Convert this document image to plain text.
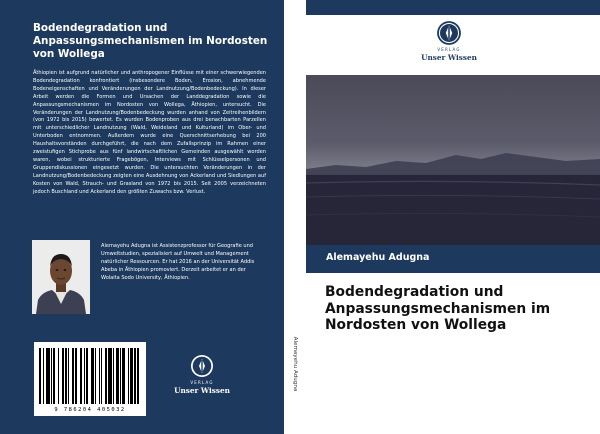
Bodendegradation und Anpassungsmechanismen im Nordosten von Wollega

Äthiopien ist aufgrund natürlicher und anthropogener Einflüsse mit einer schwerwiegenden Bodendegradation konfrontiert (insbesondere Boden, Erosion, abnehmende Bodeneigenschaften und Veränderungen der Landnutzung/Bodenbedeckung). In dieser Arbeit werden die Formen und Ursachen der Landdegradation sowie die Anpassungsmechanismen im Nordosten von Wollega, Äthiopien, untersucht. Die Veränderungen der Landnutzung/Bodenbedeckung wurden anhand von Zeitreihenbildern (von 1972 bis 2015) bewertet. Es wurden Bodenproben aus drei benachbarten Parzellen mit unterschiedlicher Landnutzung (Wald, Weideland und Kulturland) im Ober- und Unterboden entnommen. Außerdem wurde eine Querschnittserhebung bei 200 Haushaltsvorständen durchgeführt, die nach dem Zufallsprinzip im Rahmen einer zweistufigen Stichprobe aus fünf landwirtschaftlichen Gemeinden ausgewählt worden waren, wobei strukturierte Fragebögen, Interviews mit Schlüsselpersonen und Gruppendiskussionen eingesetzt wurden. Die untersuchten Veränderungen in der Landnutzung/Bodenbedeckung zeigten eine Ausdehnung von Ackerland und Siedlungen auf Kosten von Wald, Strauch- und Grasland von 1972 bis 2015. Seit 2005 verzeichneten jedoch Buschland und Ackerland den größten Zuwachs bzw. Verlust.

Alemayehu Adugna ist Assistenzprofessor für Geografie und Umweltstudien, spezialisiert auf Umwelt und Management natürlicher Ressourcen. Er hat 2016 an der Universität Addis Abeba in Äthiopien promoviert. Derzeit arbeitet er an der Wolaita Sodo University, Äthiopien.

9 786204 405032
VERLAG
Unser Wissen	Alemayehu Adugna
VERLAG
Unser Wissen

Alemayehu Adugna

Bodendegradation und Anpassungsmechanismen im Nordosten von Wollega
